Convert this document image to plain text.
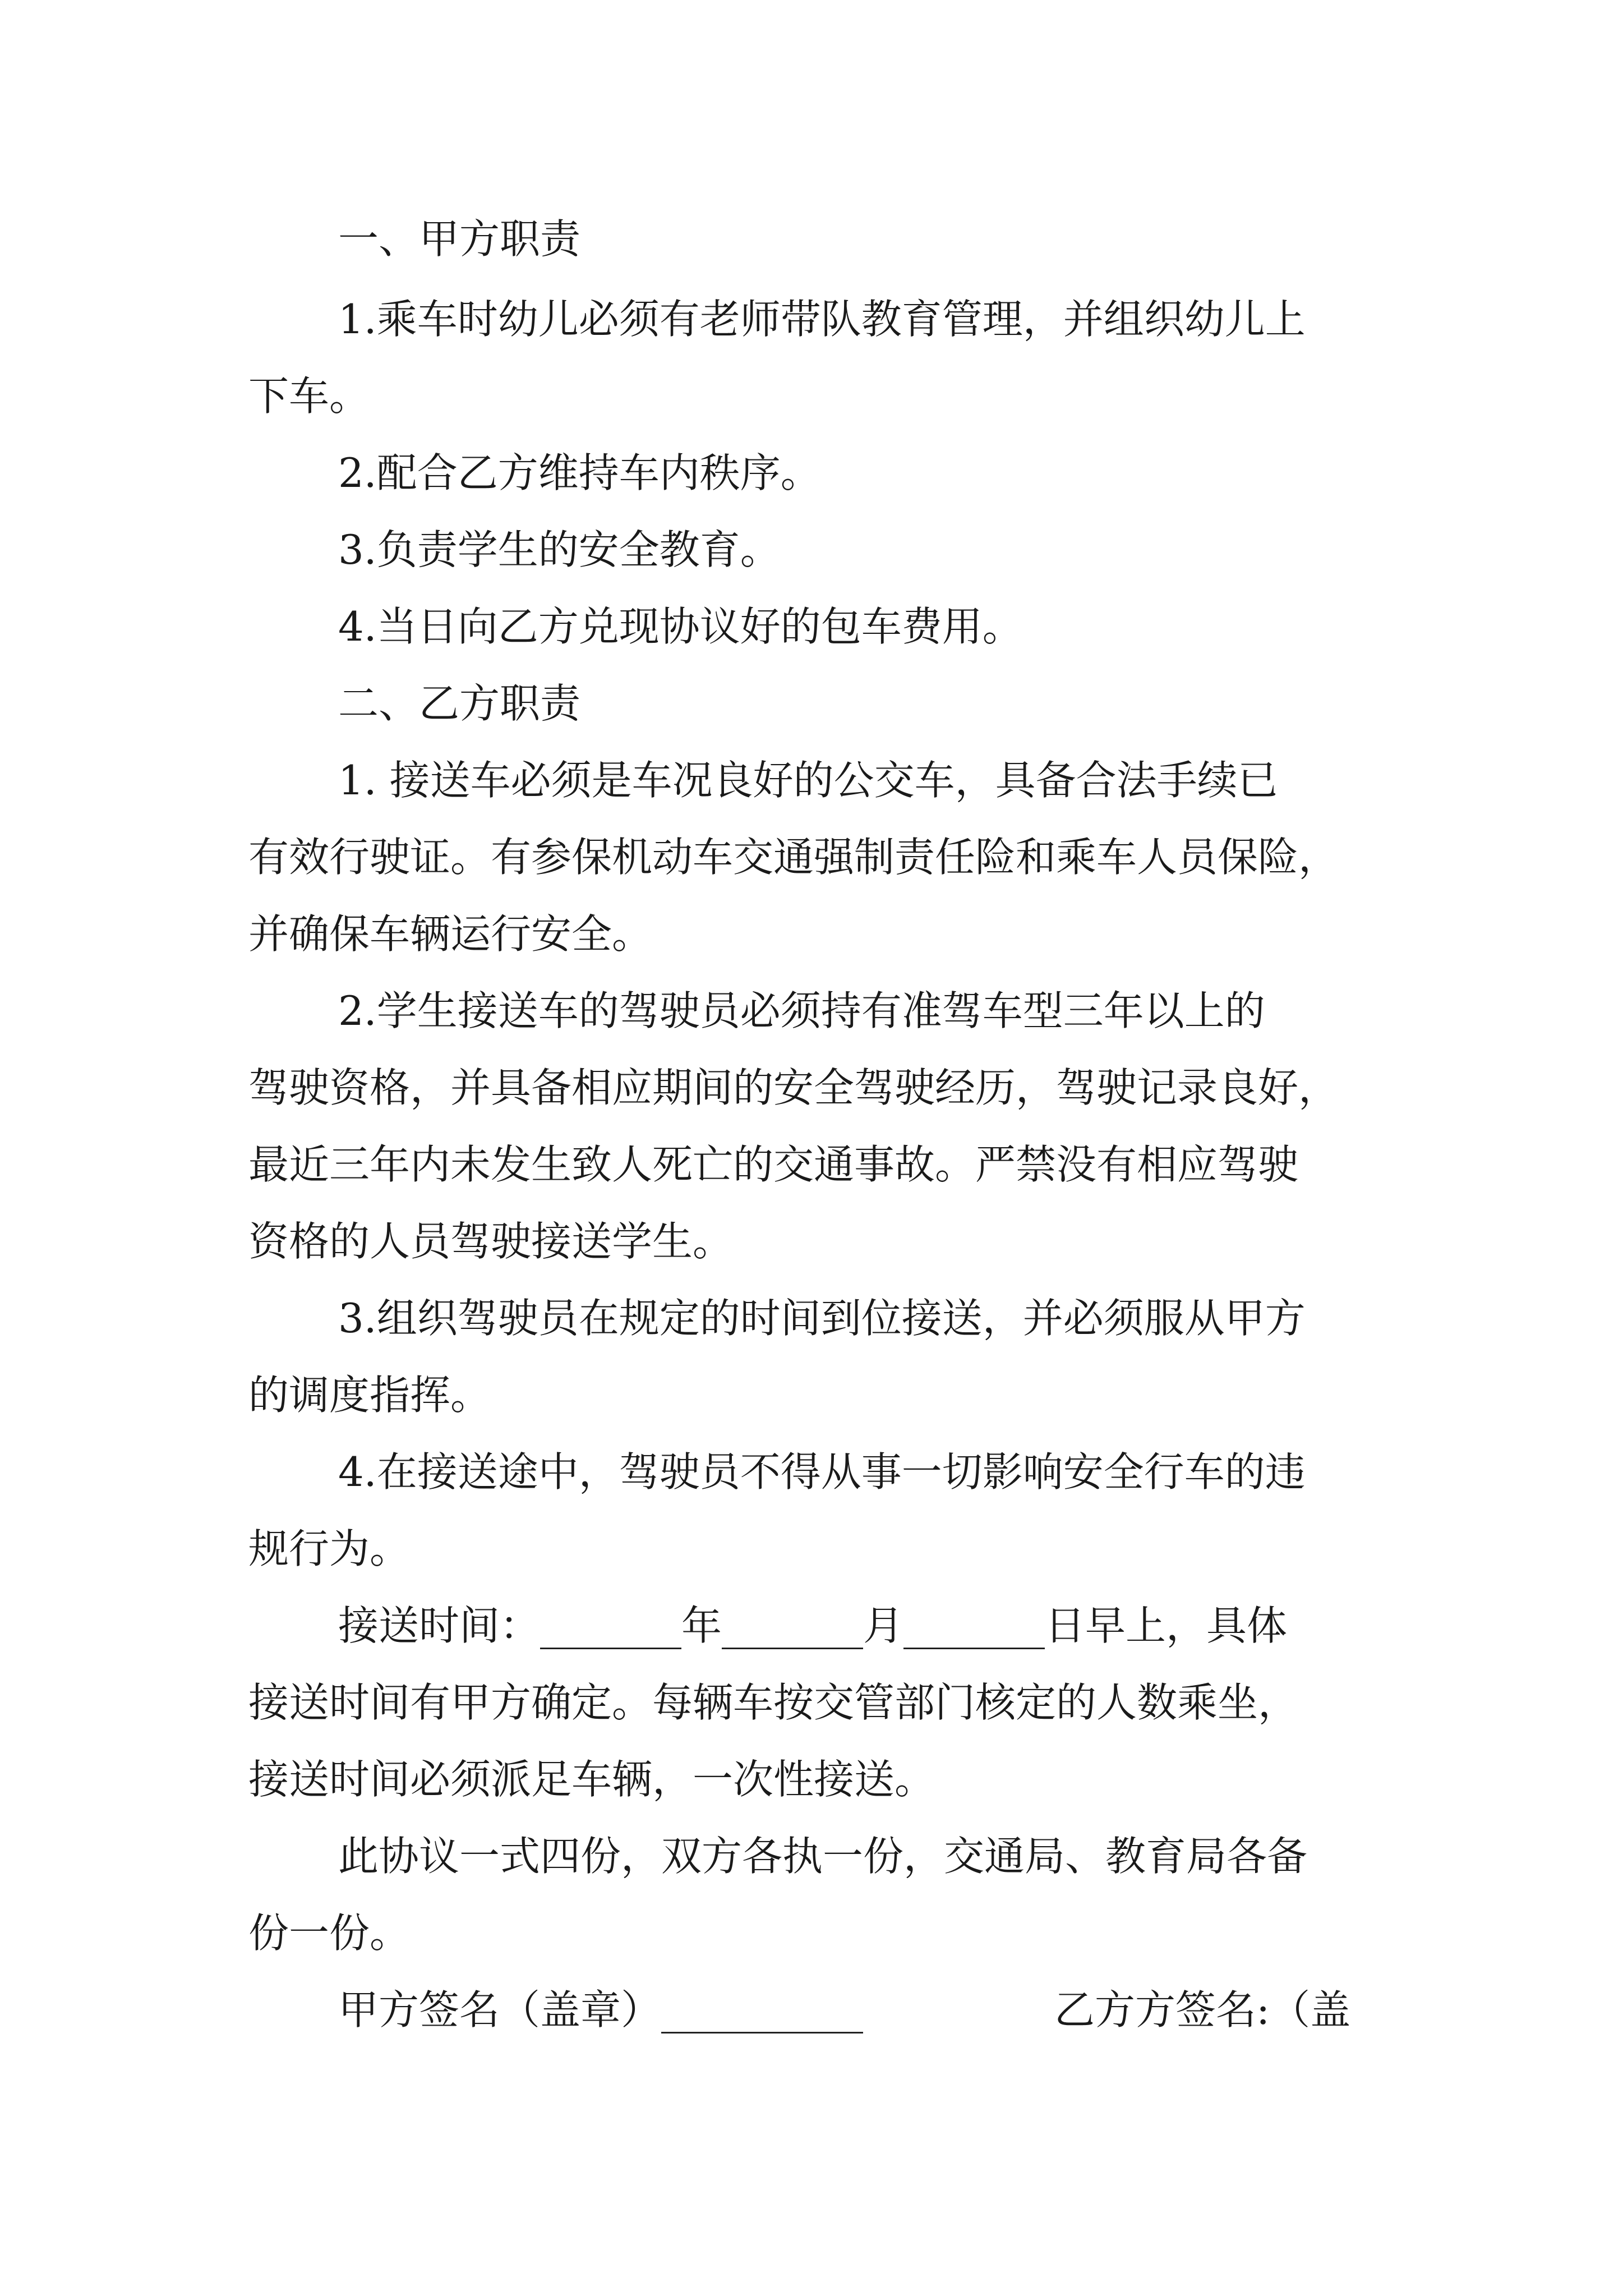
一、甲方职责
1.乘车时幼儿必须有老师带队教育管理，并组织幼儿上
下车。
2.配合乙方维持车内秩序。
3.负责学生的安全教育。
4.当日向乙方兑现协议好的包车费用。
二、乙方职责
1. 接送车必须是车况良好的公交车，具备合法手续已
有效行驶证。有参保机动车交通强制责任险和乘车人员保险，
并确保车辆运行安全。
2.学生接送车的驾驶员必须持有准驾车型三年以上的
驾驶资格，并具备相应期间的安全驾驶经历，驾驶记录良好，
最近三年内未发生致人死亡的交通事故。严禁没有相应驾驶
资格的人员驾驶接送学生。
3.组织驾驶员在规定的时间到位接送，并必须服从甲方
的调度指挥。
4.在接送途中，驾驶员不得从事一切影响安全行车的违
规行为。
接送时间：_______年_______月_______日早上，具体
接送时间有甲方确定。每辆车按交管部门核定的人数乘坐，
接送时间必须派足车辆，一次性接送。
此协议一式四份，双方各执一份，交通局、教育局各备
份一份。
甲方签名（盖章）__________	乙方方签名:（盖
